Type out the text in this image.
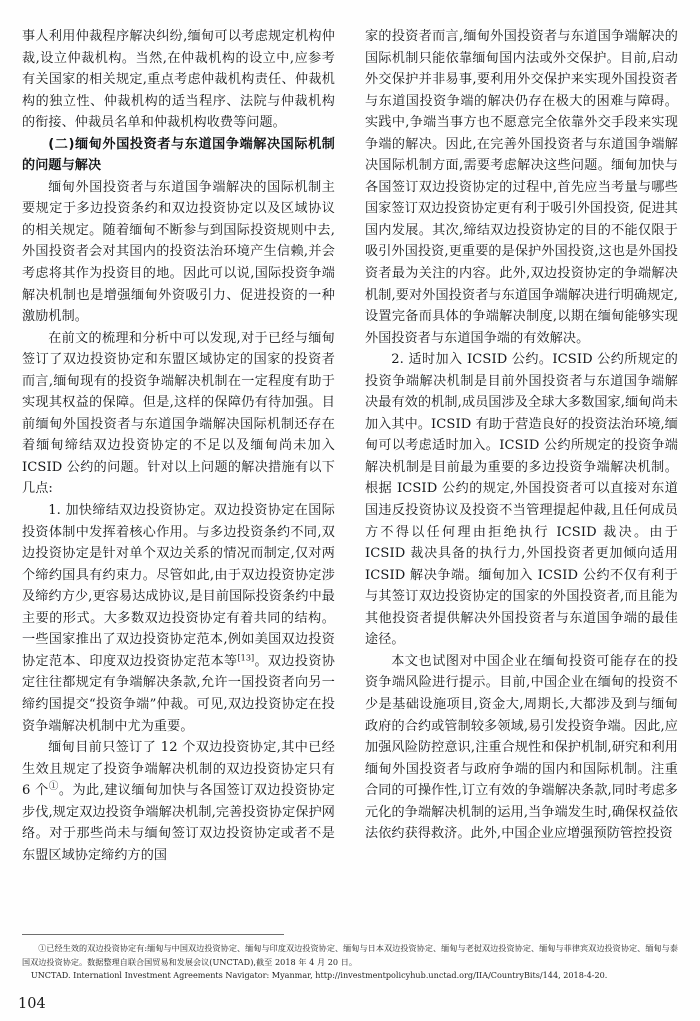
事人利用仲裁程序解决纠纷,缅甸可以考虑规定机构仲裁,设立仲裁机构。当然,在仲裁机构的设立中,应参考有关国家的相关规定,重点考虑仲裁机构责任、仲裁机构的独立性、仲裁机构的适当程序、法院与仲裁机构的衔接、仲裁员名单和仲裁机构收费等问题。

(二)缅甸外国投资者与东道国争端解决国际机制的问题与解决

缅甸外国投资者与东道国争端解决的国际机制主要规定于多边投资条约和双边投资协定以及区域协议的相关规定。随着缅甸不断参与到国际投资规则中去,外国投资者会对其国内的投资法治环境产生信赖,并会考虑将其作为投资目的地。因此可以说,国际投资争端解决机制也是增强缅甸外资吸引力、促进投资的一种激励机制。

在前文的梳理和分析中可以发现,对于已经与缅甸签订了双边投资协定和东盟区域协定的国家的投资者而言,缅甸现有的投资争端解决机制在一定程度有助于实现其权益的保障。但是,这样的保障仍有待加强。目前缅甸外国投资者与东道国争端解决国际机制还存在着缅甸缔结双边投资协定的不足以及缅甸尚未加入 ICSID 公约的问题。针对以上问题的解决措施有以下几点:

1. 加快缔结双边投资协定。双边投资协定在国际投资体制中发挥着核心作用。与多边投资条约不同,双边投资协定是针对单个双边关系的情况而制定,仅对两个缔约国具有约束力。尽管如此,由于双边投资协定涉及缔约方少,更容易达成协议,是目前国际投资条约中最主要的形式。大多数双边投资协定有着共同的结构。一些国家推出了双边投资协定范本,例如美国双边投资协定范本、印度双边投资协定范本等[13]。双边投资协定往往都规定有争端解决条款,允许一国投资者向另一缔约国提交“投资争端”仲裁。可见,双边投资协定在投资争端解决机制中尤为重要。

缅甸目前只签订了 12 个双边投资协定,其中已经生效且规定了投资争端解决机制的双边投资协定只有 6 个①。为此,建议缅甸加快与各国签订双边投资协定步伐,规定双边投资争端解决机制,完善投资协定保护网络。对于那些尚未与缅甸签订双边投资协定或者不是东盟区域协定缔约方的国

家的投资者而言,缅甸外国投资者与东道国争端解决的国际机制只能依靠缅甸国内法或外交保护。目前,启动外交保护并非易事,要利用外交保护来实现外国投资者与东道国投资争端的解决仍存在极大的困难与障碍。实践中,争端当事方也不愿意完全依靠外交手段来实现争端的解决。因此,在完善外国投资者与东道国争端解决国际机制方面,需要考虑解决这些问题。缅甸加快与各国签订双边投资协定的过程中,首先应当考量与哪些国家签订双边投资协定更有利于吸引外国投资, 促进其国内发展。其次,缔结双边投资协定的目的不能仅限于吸引外国投资,更重要的是保护外国投资,这也是外国投资者最为关注的内容。此外,双边投资协定的争端解决机制,要对外国投资者与东道国争端解决进行明确规定,设置完备而具体的争端解决制度,以期在缅甸能够实现外国投资者与东道国争端的有效解决。

2. 适时加入 ICSID 公约。ICSID 公约所规定的投资争端解决机制是目前外国投资者与东道国争端解决最有效的机制,成员国涉及全球大多数国家,缅甸尚未加入其中。ICSID 有助于营造良好的投资法治环境,缅甸可以考虑适时加入。ICSID 公约所规定的投资争端解决机制是目前最为重要的多边投资争端解决机制。根据 ICSID 公约的规定,外国投资者可以直接对东道国违反投资协议及投资不当管理提起仲裁,且任何成员方不得以任何理由拒绝执行 ICSID 裁决。由于 ICSID 裁决具备的执行力,外国投资者更加倾向适用 ICSID 解决争端。缅甸加入 ICSID 公约不仅有利于与其签订双边投资协定的国家的外国投资者,而且能为其他投资者提供解决外国投资者与东道国争端的最佳途径。

本文也试图对中国企业在缅甸投资可能存在的投资争端风险进行提示。目前,中国企业在缅甸的投资不少是基础设施项目,资金大,周期长,大都涉及到与缅甸政府的合约或管制较多领域,易引发投资争端。因此,应加强风险防控意识,注重合规性和保护机制,研究和利用缅甸外国投资者与政府争端的国内和国际机制。注重合同的可操作性,订立有效的争端解决条款,同时考虑多元化的争端解决机制的运用,当争端发生时,确保权益依法依约获得救济。此外,中国企业应增强预防管控投资

①已经生效的双边投资协定有:缅甸与中国双边投资协定、缅甸与印度双边投资协定、缅甸与日本双边投资协定、缅甸与老挝双边投资协定、缅甸与菲律宾双边投资协定、缅甸与泰国双边投资协定。数据整理自联合国贸易和发展会议(UNCTAD),截至 2018 年 4 月 20 日。

UNCTAD. Internationl Investment Agreements Navigator: Myanmar, http://investmentpolicyhub.unctad.org/IIA/CountryBits/144, 2018-4-20.

104
